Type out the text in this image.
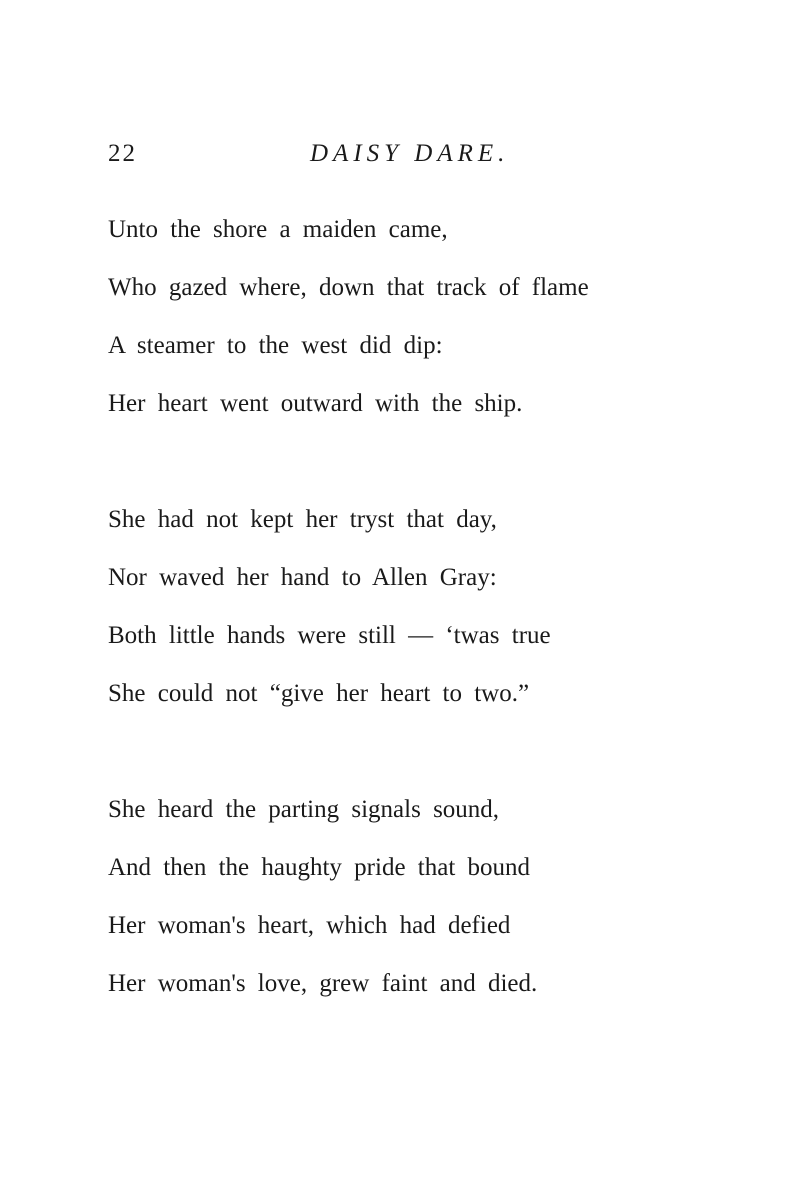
22	DAISY DARE.
Unto the shore a maiden came,
Who gazed where, down that track of flame
A steamer to the west did dip:
Her heart went outward with the ship.
She had not kept her tryst that day,
Nor waved her hand to Allen Gray:
Both little hands were still — ‘twas true
She could not “give her heart to two.”
She heard the parting signals sound,
And then the haughty pride that bound
Her woman's heart, which had defied
Her woman's love, grew faint and died.
